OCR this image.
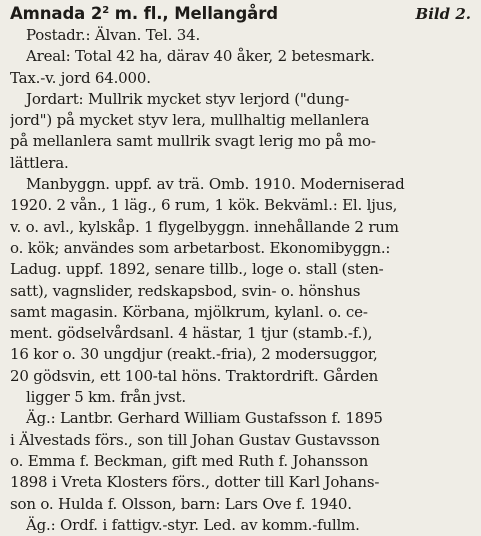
Amnada $2^2$ m. fl., Mellangård	Bild 2.
Postadr.: Älvan. Tel. 34.
Areal: Total 42 ha, därav 40 åker, 2 betesmark.
Tax.-v. jord 64.000.
Jordart: Mullrik mycket styv lerjord ("dung-
jord") på mycket styv lera, mullhaltig mellanlera
på mellanlera samt mullrik svagt lerig mo på mo-
lättlera.
Manbyggn. uppf. av trä. Omb. 1910. Moderniserad
1920. 2 vån., 1 läg., 6 rum, 1 kök. Bekväml.: El. ljus,
v. o. avl., kylskåp. 1 flygelbyggn. innehållande 2 rum
o. kök; användes som arbetarbost. Ekonomibyggn.:
Ladug. uppf. 1892, senare tillb., loge o. stall (sten-
satt), vagnslider, redskapsbod, svin- o. hönshus
samt magasin. Körbana, mjölkrum, kylanl. o. ce-
ment. gödselvårdsanl. 4 hästar, 1 tjur (stamb.-f.),
16 kor o. 30 ungdjur (reakt.-fria), 2 modersuggor,
20 gödsvin, ett 100-tal höns. Traktordrift. Gården
ligger 5 km. från jvst.
Äg.: Lantbr. Gerhard William Gustafsson f. 1895
i Älvestads förs., son till Johan Gustav Gustavsson
o. Emma f. Beckman, gift med Ruth f. Johansson
1898 i Vreta Klosters förs., dotter till Karl Johans-
son o. Hulda f. Olsson, barn: Lars Ove f. 1940.
Äg.: Ordf. i fattigv.-styr. Led. av komm.-fullm.
